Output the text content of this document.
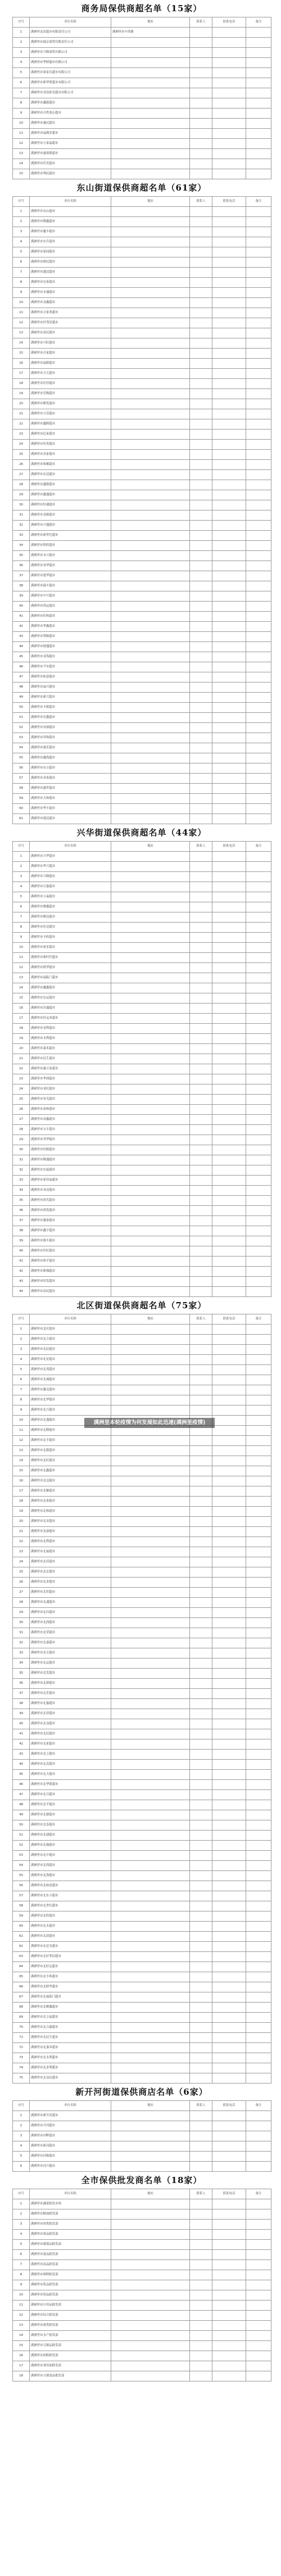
商务局保供商超名单（15家）
序号	单位名称	地址	联系人	联系电话	备注
1	满洲里友谊超市有限责任公司	满洲里市中苏路			
2	满洲里市瑞京商贸有限责任公司				
3	满洲里市兴隆商贸有限公司				
4	满洲里市华联超市有限公司				
5	满洲里市家家乐超市有限公司				
6	满洲里市新华联超市有限公司				
7	满洲里市金色阳光超市有限公司				
8	满洲里市鑫源超市				
9	满洲里市百姓放心超市				
10	满洲里市惠民超市				
11	满洲里市福满多超市				
12	满洲里市万家福超市				
13	满洲里市惠客隆超市				
14	满洲里市佳美超市				
15	满洲里市利民超市				
东山街道保供商超名单（61家）
序号	单位名称	地址	联系人	联系电话	备注
1	满洲里市东山超市				
2	满洲里市隆鑫超市				
3	满洲里市鑫丰超市				
4	满洲里市东升超市				
5	满洲里市家园超市				
6	满洲里市便民超市				
7	满洲里市盛达超市				
8	满洲里市宏泰超市				
9	满洲里市永盛超市				
10	满洲里市金鑫超市				
11	满洲里市合家欢超市				
12	满洲里市好邻居超市				
13	满洲里市富民超市				
14	满洲里市兴旺超市				
15	满洲里市百家超市				
16	满洲里市福源超市				
17	满洲里市天天超市				
18	满洲里市佳佳超市				
19	满洲里市乐购超市				
20	满洲里市顺发超市				
21	满洲里市万佳超市				
22	满洲里市鑫隆超市				
23	满洲里市亿家超市				
24	满洲里市旺角超市				
25	满洲里市众家超市				
26	满洲里市和顺超市				
27	满洲里市宏达超市				
28	满洲里市盛源超市				
29	满洲里市鑫盛超市				
30	满洲里市恒通超市				
31	满洲里市金源超市				
32	满洲里市兴盛超市				
33	满洲里市新世纪超市				
34	满洲里市欣欣超市				
35	满洲里市永兴超市				
36	满洲里市春华超市				
37	满洲里市建华超市				
38	满洲里市瑞丰超市				
39	满洲里市中兴超市				
40	满洲里市鸿运超市				
41	满洲里市佳和超市				
42	满洲里市华鑫超市				
43	满洲里市利源超市				
44	满洲里市德盛超市				
45	满洲里市金海超市				
46	满洲里市平安超市				
47	满洲里市如意超市				
48	满洲里市福兴超市				
49	满洲里市新兴超市				
50	满洲里市丰源超市				
51	满洲里市宏鑫超市				
52	满洲里市安康超市				
53	满洲里市祥和超市				
54	满洲里市康乐超市				
55	满洲里市鑫海超市				
56	满洲里市东方超市				
57	满洲里市金泰超市				
58	满洲里市盛世超市				
59	满洲里市天和超市				
60	满洲里市华丰超市				
61	满洲里市通达超市				
兴华街道保供商超名单（44家）
序号	单位名称	地址	联系人	联系电话	备注
1	满洲里市兴华超市				
2	满洲里市华兴超市				
3	满洲里市兴隆超市				
4	满洲里市百惠超市				
5	满洲里市万福超市				
6	满洲里市聚鑫超市				
7	满洲里市顺达超市				
8	满洲里市旺达超市				
9	满洲里市丰收超市				
10	满洲里市家乐超市				
11	满洲里市新时代超市				
12	满洲里市联华超市				
13	满洲里市福临门超市				
14	满洲里市鑫鑫超市				
15	满洲里市宏运超市				
16	满洲里市昌盛超市				
17	满洲里市好运来超市				
18	满洲里市金利超市				
19	满洲里市永利超市				
20	满洲里市嘉禾超市				
21	满洲里市民生超市				
22	满洲里市惠万家超市				
23	满洲里市华润超市				
24	满洲里市金旺超市				
25	满洲里市星光超市				
26	满洲里市泰和超市				
27	满洲里市众鑫超市				
28	满洲里市宝丰超市				
29	满洲里市荣华超市				
30	满洲里市恒源超市				
31	满洲里市隆盛超市				
32	满洲里市宏福超市				
33	满洲里市家佳福超市				
34	满洲里市金达超市				
35	满洲里市晨光超市				
36	满洲里市润发超市				
37	满洲里市盛泰超市				
38	满洲里市鑫宇超市				
39	满洲里市源丰超市				
40	满洲里市佳旺超市				
41	满洲里市和平超市				
42	满洲里市新城超市				
43	满洲里市恒发超市				
44	满洲里市益民超市				
北区街道保供商超名单（75家）
序号	单位名称	地址	联系人	联系电话	备注
1	满洲里市北区超市				
2	满洲里市北方超市				
3	满洲里市北辰超市				
4	满洲里市北星超市				
5	满洲里市北苑超市				
6	满洲里市北城超市				
7	满洲里市鑫北超市				
8	满洲里市北华超市				
9	满洲里市北兴超市				
10	满洲里市北盛超市				
11	满洲里市北隆超市				
12	满洲里市北丰超市				
13	满洲里市北源超市				
14	满洲里市北旺超市				
15	满洲里市北鑫超市				
16	满洲里市北达超市				
17	满洲里市北顺超市				
18	满洲里市北泰超市				
19	满洲里市北和超市				
20	满洲里市北安超市				
21	满洲里市北康超市				
22	满洲里市北利超市				
23	满洲里市北福超市				
24	满洲里市北佳超市				
25	满洲里市北宏超市				
26	满洲里市北金超市				
27	满洲里市北恒超市				
28	满洲里市北通超市				
29	满洲里市北昌超市				
30	满洲里市北润超市				
31	满洲里市北荣超市				
32	满洲里市北嘉超市				
33	满洲里市北宝超市				
34	满洲里市北运超市				
35	满洲里市北发超市				
36	满洲里市北新超市				
37	满洲里市北乐超市				
38	满洲里市北惠超市				
39	满洲里市北祥超市				
40	满洲里市北益超市				
41	满洲里市北民超市				
42	满洲里市北家超市				
43	满洲里市北万超市				
44	满洲里市北众超市				
45	满洲里市北天超市				
46	满洲里市北华联超市				
47	满洲里市北百超市				
48	满洲里市北平超市				
49	满洲里市北德超市				
50	满洲里市北春超市				
51	满洲里市北建超市				
52	满洲里市北瑞超市				
53	满洲里市北中超市				
54	满洲里市北鸿超市				
55	满洲里市北海超市				
56	满洲里市北如意超市				
57	满洲里市北东方超市				
58	满洲里市北世纪超市				
59	满洲里市北欣超市				
60	满洲里市北永超市				
61	满洲里市北晨超市				
62	满洲里市北星光超市				
63	满洲里市北好邻居超市				
64	满洲里市北好运超市				
65	满洲里市北丰收超市				
66	满洲里市北联华超市				
67	满洲里市北福临门超市				
68	满洲里市北聚鑫超市				
69	满洲里市北万福超市				
70	满洲里市北百惠超市				
71	满洲里市北民生超市				
72	满洲里市北嘉禾超市				
73	满洲里市北永利超市				
74	满洲里市北金利超市				
75	满洲里市北益民超市				
新开河街道保供商店名单（6家）
序号	单位名称	地址	联系人	联系电话	备注
1	满洲里市新开河超市				
2	满洲里市开河超市				
3	满洲里市河畔超市				
4	满洲里市新河超市				
5	满洲里市河源超市				
6	满洲里市河兴超市				
全市保供批发商名单（18家）
序号	单位名称	地址	联系人	联系电话	备注
1	满洲里市蔬菜批发市场				
2	满洲里市粮油批发部				
3	满洲里市肉类批发部				
4	满洲里市果品批发部				
5	满洲里市副食品批发部				
6	满洲里市蛋品批发部				
7	满洲里市冻品批发部				
8	满洲里市调料批发部				
9	满洲里市乳品批发部				
10	满洲里市饮品批发部				
11	满洲里市日用品批发部				
12	满洲里市综合批发部				
13	满洲里市禽类批发部				
14	满洲里市水产批发部				
15	满洲里市豆制品批发部				
16	满洲里市面粉批发部				
17	满洲里市食用油批发部				
18	满洲里市方便食品批发部				
满洲里本轮疫情为何发展如此迅速(满洲里疫情)
